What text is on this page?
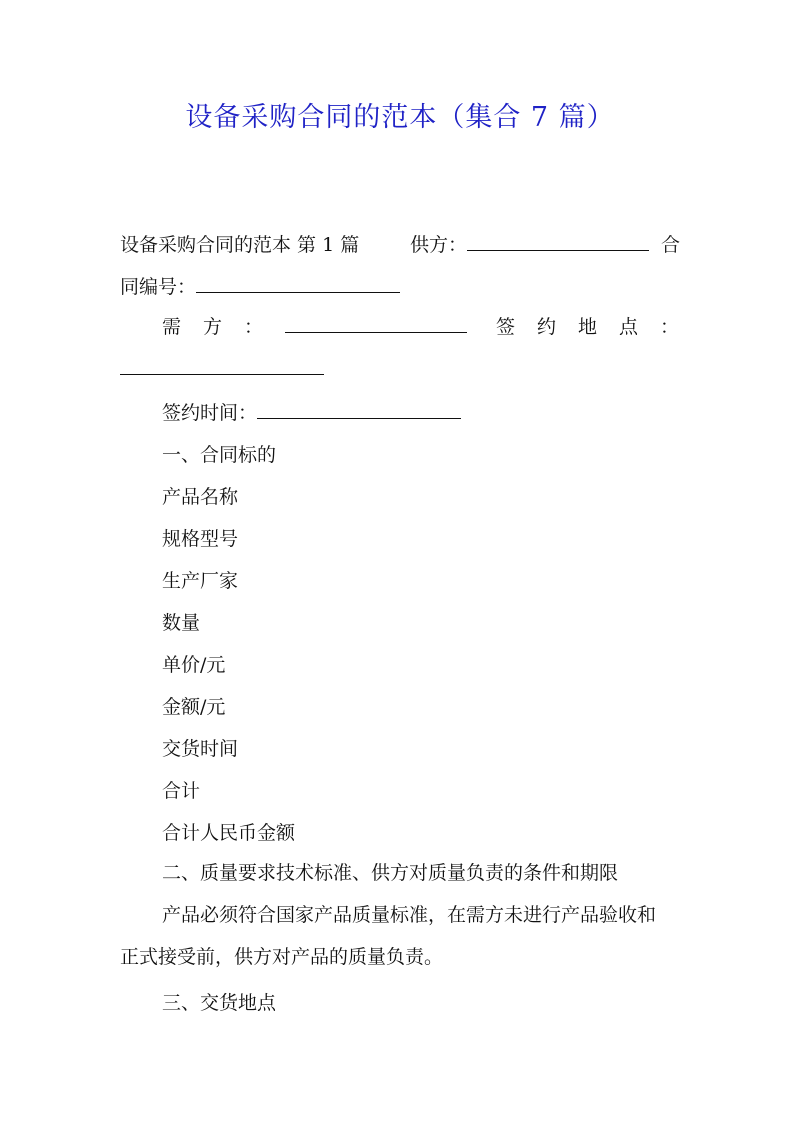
设备采购合同的范本（集合 7 篇）
设备采购合同的范本 第 1 篇	供方：	合
同编号：
需 方 ：	签 约 地 点 ：
签约时间：
一、合同标的
产品名称
规格型号
生产厂家
数量
单价/元
金额/元
交货时间
合计
合计人民币金额
二、质量要求技术标准、供方对质量负责的条件和期限
产品必须符合国家产品质量标准，在需方未进行产品验收和
正式接受前，供方对产品的质量负责。
三、交货地点
